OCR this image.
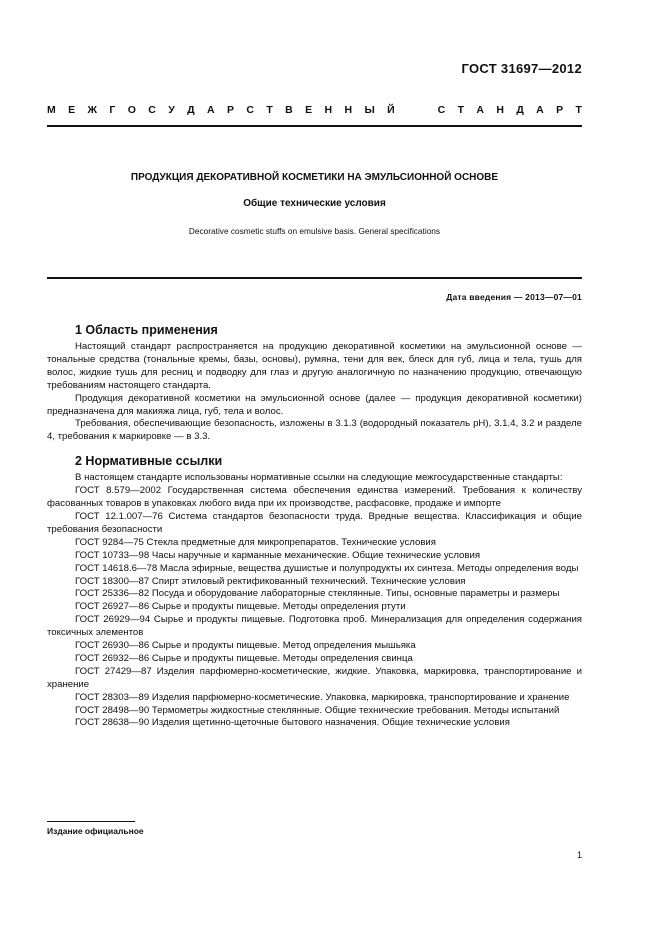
ГОСТ 31697—2012
М Е Ж Г О С У Д А Р С Т В Е Н Н Ы Й

	С Т А Н Д А Р Т
ПРОДУКЦИЯ ДЕКОРАТИВНОЙ КОСМЕТИКИ НА ЭМУЛЬСИОННОЙ ОСНОВЕ
Общие технические условия
Decorative cosmetic stuffs on emulsive basis. General specifications
Дата введения — 2013—07—01
1 Область применения

Настоящий стандарт распространяется на продукцию декоративной косметики на эмульсионной основе — тональные средства (тональные кремы, базы, основы), румяна, тени для век, блеск для губ, лица и тела, тушь для волос, жидкие тушь для ресниц и подводку для глаз и другую аналогичную по назначению продукцию, отвечающую требованиям настоящего стандарта.

Продукция декоративной косметики на эмульсионной основе (далее — продукция декоративной косметики) предназначена для макияжа лица, губ, тела и волос.

Требования, обеспечивающие безопасность, изложены в 3.1.3 (водородный показатель pH), 3.1.4, 3.2 и разделе 4, требования к маркировке — в 3.3.

2 Нормативные ссылки

В настоящем стандарте использованы нормативные ссылки на следующие межгосударственные стандарты:

ГОСТ 8.579—2002 Государственная система обеспечения единства измерений. Требования к количеству фасованных товаров в упаковках любого вида при их производстве, расфасовке, продаже и импорте

ГОСТ 12.1.007—76 Система стандартов безопасности труда. Вредные вещества. Классификация и общие требования безопасности

ГОСТ 9284—75 Стекла предметные для микропрепаратов. Технические условия

ГОСТ 10733—98 Часы наручные и карманные механические. Общие технические условия

ГОСТ 14618.6—78 Масла эфирные, вещества душистые и полупродукты их синтеза. Методы определения воды

ГОСТ 18300—87 Спирт этиловый ректификованный технический. Технические условия

ГОСТ 25336—82 Посуда и оборудование лабораторные стеклянные. Типы, основные параметры и размеры

ГОСТ 26927—86 Сырье и продукты пищевые. Методы определения ртути

ГОСТ 26929—94 Сырье и продукты пищевые. Подготовка проб. Минерализация для определения содержания токсичных элементов

ГОСТ 26930—86 Сырье и продукты пищевые. Метод определения мышьяка

ГОСТ 26932—86 Сырье и продукты пищевые. Методы определения свинца

ГОСТ 27429—87 Изделия парфюмерно-косметические, жидкие. Упаковка, маркировка, транспортирование и хранение

ГОСТ 28303—89 Изделия парфюмерно-косметические. Упаковка, маркировка, транспортирование и хранение

ГОСТ 28498—90 Термометры жидкостные стеклянные. Общие технические требования. Методы испытаний

ГОСТ 28638—90 Изделия щетинно-щеточные бытового назначения. Общие технические условия

Издание официальное
1
